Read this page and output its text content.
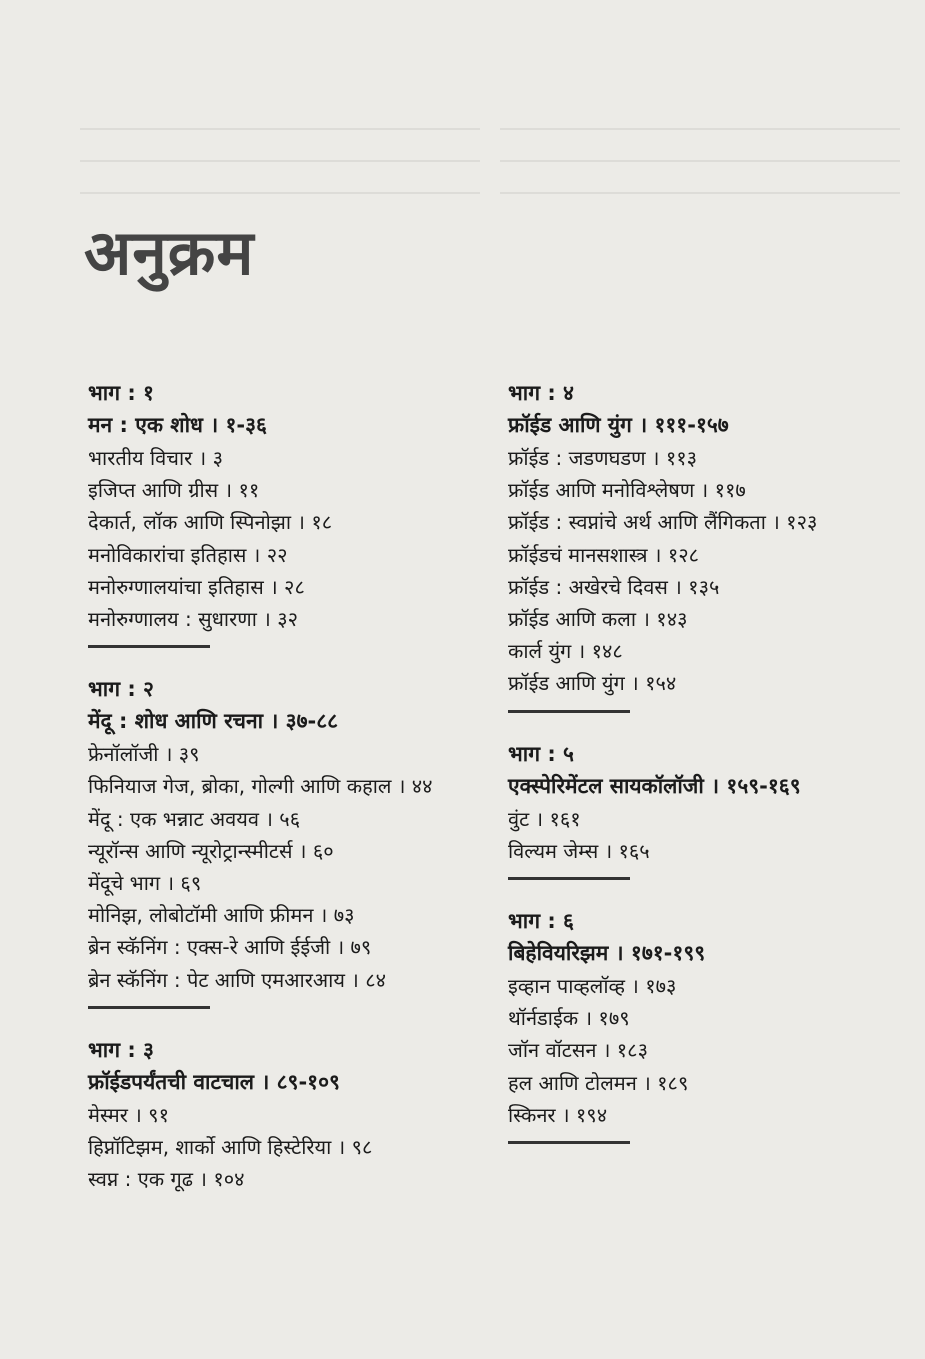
अनुक्रम
भाग : १
मन : एक शोध । १-३६
भारतीय विचार । ३
इजिप्त आणि ग्रीस । ११
देकार्त, लॉक आणि स्पिनोझा । १८
मनोविकारांचा इतिहास । २२
मनोरुग्णालयांचा इतिहास । २८
मनोरुग्णालय : सुधारणा । ३२
भाग : २
मेंदू : शोध आणि रचना । ३७-८८
फ्रेनॉलॉजी । ३९
फिनियाज गेज, ब्रोका, गोल्गी आणि कहाल । ४४
मेंदू : एक भन्नाट अवयव । ५६
न्यूरॉन्स आणि न्यूरोट्रान्स्मीटर्स । ६०
मेंदूचे भाग । ६९
मोनिझ, लोबोटॉमी आणि फ्रीमन । ७३
ब्रेन स्कॅनिंग : एक्स-रे आणि ईईजी । ७९
ब्रेन स्कॅनिंग : पेट आणि एमआरआय । ८४
भाग : ३
फ्रॉईडपर्यंतची वाटचाल । ८९-१०९
मेस्मर । ९१
हिप्नॉटिझम, शार्को आणि हिस्टेरिया । ९८
स्वप्न : एक गूढ । १०४
भाग : ४
फ्रॉईड आणि युंग । १११-१५७
फ्रॉईड : जडणघडण । ११३
फ्रॉईड आणि मनोविश्लेषण । ११७
फ्रॉईड : स्वप्नांचे अर्थ आणि लैंगिकता । १२३
फ्रॉईडचं मानसशास्त्र । १२८
फ्रॉईड : अखेरचे दिवस । १३५
फ्रॉईड आणि कला । १४३
कार्ल युंग । १४८
फ्रॉईड आणि युंग । १५४
भाग : ५
एक्स्पेरिमेंटल सायकॉलॉजी । १५९-१६९
वुंट । १६१
विल्यम जेम्स । १६५
भाग : ६
बिहेवियरिझम । १७१-१९९
इव्हान पाव्हलॉव्ह । १७३
थॉर्नडाईक । १७९
जॉन वॉटसन । १८३
हल आणि टोलमन । १८९
स्किनर । १९४
